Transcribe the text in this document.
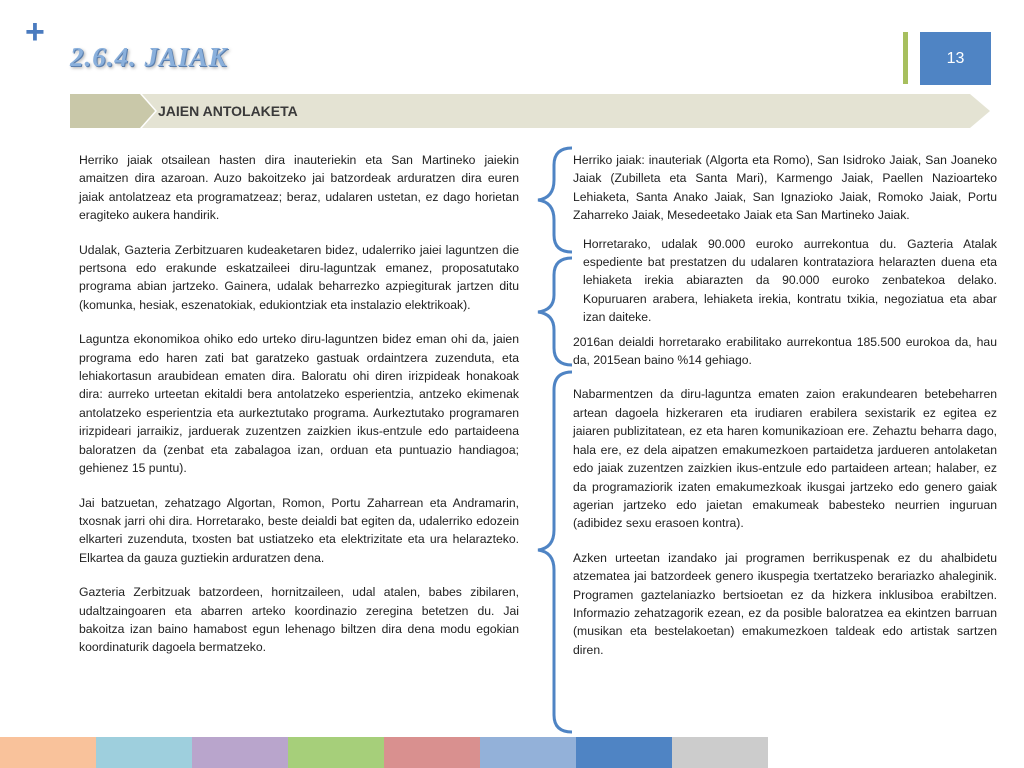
+
2.6.4. JAIAK	13
JAIEN ANTOLAKETA

Herriko jaiak otsailean hasten dira inauteriekin eta San Martineko jaiekin amaitzen dira azaroan. Auzo bakoitzeko jai batzordeak arduratzen dira euren jaiak antolatzeaz eta programatzeaz; beraz, udalaren ustetan, ez dago horietan eragiteko aukera handirik.

Udalak, Gazteria Zerbitzuaren kudeaketaren bidez, udalerriko jaiei laguntzen die pertsona edo erakunde eskatzaileei diru-laguntzak emanez, proposatutako programa abian jartzeko. Gainera, udalak beharrezko azpiegiturak jartzen ditu (komunka, hesiak, eszenatokiak, edukiontziak eta instalazio elektrikoak).

Laguntza ekonomikoa ohiko edo urteko diru-laguntzen bidez eman ohi da, jaien programa edo haren zati bat garatzeko gastuak ordaintzera zuzenduta, eta lehiakortasun araubidean ematen dira. Baloratu ohi diren irizpideak honakoak dira: aurreko urteetan ekitaldi bera antolatzeko esperientzia, antzeko ekimenak antolatzeko esperientzia eta aurkeztutako programa. Aurkeztutako programaren irizpideari jarraikiz, jarduerak zuzentzen zaizkien ikus-entzule edo partaideena baloratzen da (zenbat eta zabalagoa izan, orduan eta puntuazio handiagoa; gehienez 15 puntu).

Jai batzuetan, zehatzago Algortan, Romon, Portu Zaharrean eta Andramarin, txosnak jarri ohi dira. Horretarako, beste deialdi bat egiten da, udalerriko edozein elkarteri zuzenduta, txosten bat ustiatzeko eta elektrizitate eta ura helarazteko. Elkartea da gauza guztiekin arduratzen dena.

Gazteria Zerbitzuak batzordeen, hornitzaileen, udal atalen, babes zibilaren, udaltzaingoaren eta abarren arteko koordinazio zeregina betetzen du. Jai bakoitza izan baino hamabost egun lehenago biltzen dira dena modu egokian koordinaturik dagoela bermatzeko.

Herriko jaiak: inauteriak (Algorta eta Romo), San Isidroko Jaiak, San Joaneko Jaiak (Zubilleta eta Santa Mari), Karmengo Jaiak, Paellen Nazioarteko Lehiaketa, Santa Anako Jaiak, San Ignazioko Jaiak, Romoko Jaiak, Portu Zaharreko Jaiak, Mesedeetako Jaiak eta San Martineko Jaiak.

Horretarako, udalak 90.000 euroko aurrekontua du. Gazteria Atalak espediente bat prestatzen du udalaren kontrataziora helarazten duena eta lehiaketa irekia abiarazten da 90.000 euroko zenbatekoa delako. Kopuruaren arabera, lehiaketa irekia, kontratu txikia, negoziatua eta abar izan daiteke.

2016an deialdi horretarako erabilitako aurrekontua 185.500 eurokoa da, hau da, 2015ean baino %14 gehiago.

Nabarmentzen da diru-laguntza ematen zaion erakundearen betebeharren artean dagoela hizkeraren eta irudiaren erabilera sexistarik ez egitea ez jaiaren publizitatean, ez eta haren komunikazioan ere. Zehaztu beharra dago, hala ere, ez dela aipatzen emakumezkoen partaidetza jardueren antolaketan edo jaiak zuzentzen zaizkien ikus-entzule edo partaideen artean; halaber, ez da programaziorik izaten emakumezkoak ikusgai jartzeko edo genero gaiak agerian jartzeko edo jaietan emakumeak babesteko neurrien inguruan (adibidez sexu erasoen kontra).

Azken urteetan izandako jai programen berrikuspenak ez du ahalbidetu atzematea jai batzordeek genero ikuspegia txertatzeko berariazko ahaleginik. Programen gaztelaniazko bertsioetan ez da hizkera inklusiboa erabiltzen. Informazio zehatzagorik ezean, ez da posible baloratzea ea ekintzen barruan (musikan eta bestelakoetan) emakumezkoen taldeak edo artistak sartzen diren.
